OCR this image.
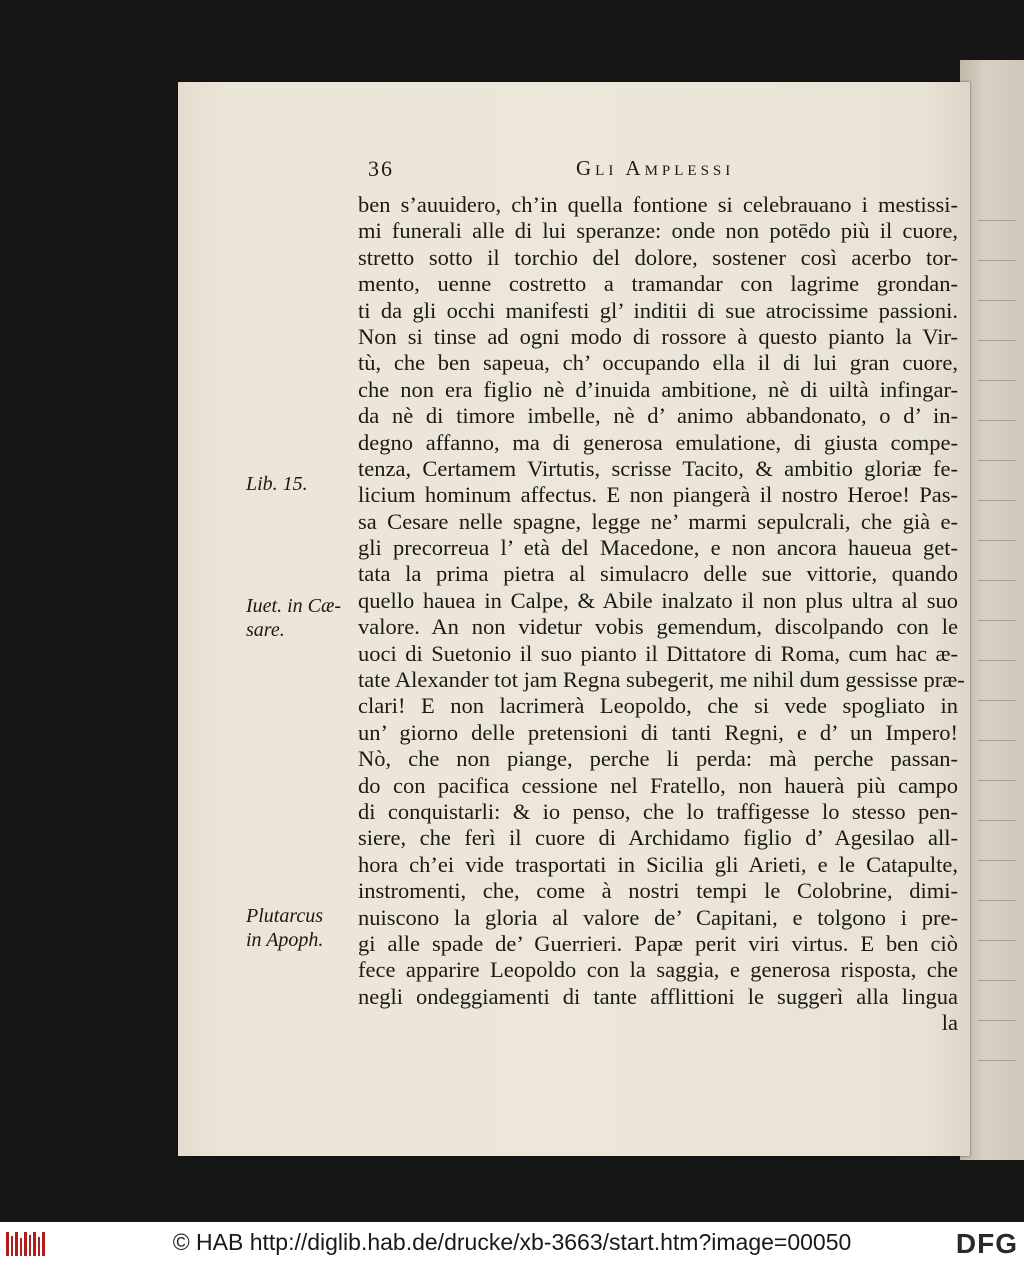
36	Gli Amplessi
ben s’auuidero, ch’in quella fontione si celebrauano i mestissi-
mi funerali alle di lui speranze: onde non potēdo più il cuore,
stretto sotto il torchio del dolore, sostener così acerbo tor-
mento, uenne costretto a tramandar con lagrime grondan-
ti da gli occhi manifesti gl’ inditii di sue atrocissime passioni.
Non si tinse ad ogni modo di rossore à questo pianto la Vir-
tù, che ben sapeua, ch’ occupando ella il di lui gran cuore,
che non era figlio nè d’inuida ambitione, nè di uiltà infingar-
da nè di timore imbelle, nè d’ animo abbandonato, o d’ in-
degno affanno, ma di generosa emulatione, di giusta compe-
tenza, Certamem Virtutis, scrisse Tacito, & ambitio gloriæ fe-
licium hominum affectus. E non piangerà il nostro Heroe! Pas-
sa Cesare nelle spagne, legge ne’ marmi sepulcrali, che già e-
gli precorreua l’ età del Macedone, e non ancora haueua get-
tata la prima pietra al simulacro delle sue vittorie, quando
quello hauea in Calpe, & Abile inalzato il non plus ultra al suo
valore. An non videtur vobis gemendum, discolpando con le
uoci di Suetonio il suo pianto il Dittatore di Roma, cum hac æ-
tate Alexander tot jam Regna subegerit, me nihil dum gessisse præ-
clari! E non lacrimerà Leopoldo, che si vede spogliato in
un’ giorno delle pretensioni di tanti Regni, e d’ un Impero!
Nò, che non piange, perche li perda: mà perche passan-
do con pacifica cessione nel Fratello, non hauerà più campo
di conquistarli: & io penso, che lo traffigesse lo stesso pen-
siere, che ferì il cuore di Archidamo figlio d’ Agesilao all-
hora ch’ei vide trasportati in Sicilia gli Arieti, e le Catapulte,
instromenti, che, come à nostri tempi le Colobrine, dimi-
nuiscono la gloria al valore de’ Capitani, e tolgono i pre-
gi alle spade de’ Guerrieri. Papæ perit viri virtus. E ben ciò
fece apparire Leopoldo con la saggia, e generosa risposta, che
negli ondeggiamenti di tante afflittioni le suggerì alla lingua
la
Lib. 15.
Iuet. in Cæ-
sare.
Plutarcus
in Apoph.
© HAB http://diglib.hab.de/drucke/xb-3663/start.htm?image=00050	DFG
